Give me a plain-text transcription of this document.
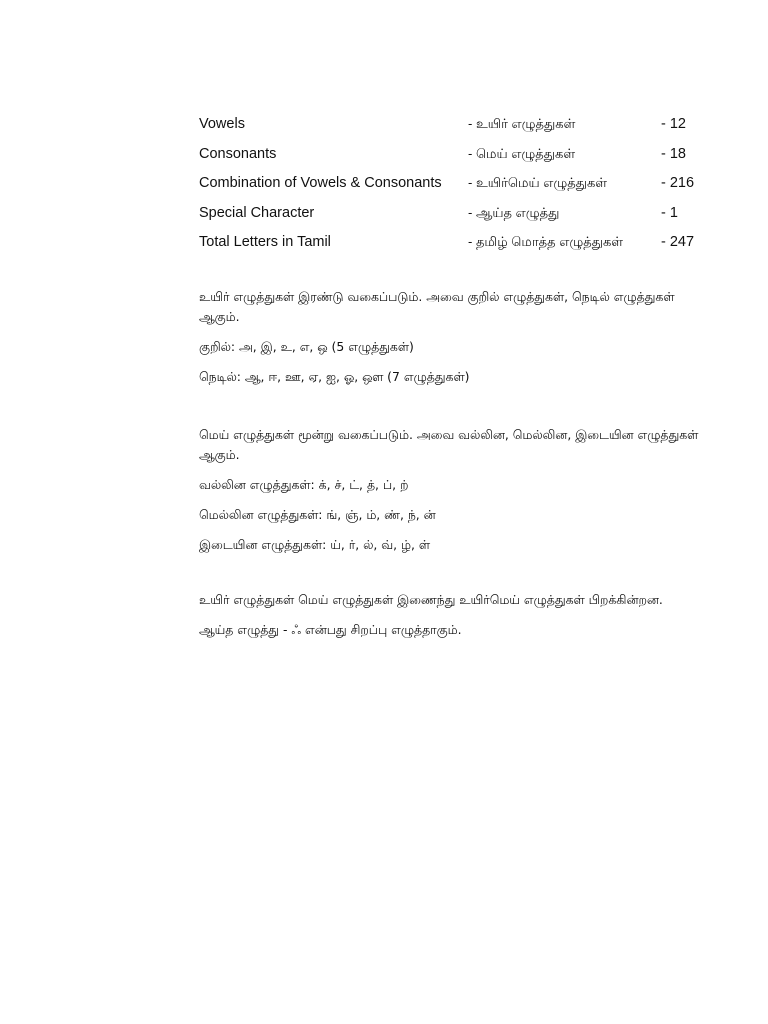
Vowels	- உயிர் எழுத்துகள்	- 12
Consonants	- மெய் எழுத்துகள்	- 18
Combination of Vowels & Consonants - உயிர்மெய் எழுத்துகள்	- 216
Special Character	- ஆய்த எழுத்து	- 1
Total Letters in Tamil	- தமிழ் மொத்த எழுத்துகள்	- 247

உயிர் எழுத்துகள் இரண்டு வகைப்படும். அவை குறில் எழுத்துகள், நெடில் எழுத்துகள் ஆகும்.

குறில்: அ, இ, உ, எ, ஒ (5 எழுத்துகள்)
நெடில்: ஆ, ஈ, ஊ, ஏ, ஐ, ஓ, ஔ (7 எழுத்துகள்)

மெய் எழுத்துகள் மூன்று வகைப்படும். அவை வல்லின, மெல்லின, இடையின எழுத்துகள் ஆகும்.

வல்லின எழுத்துகள்: க், ச், ட், த், ப், ற்
மெல்லின எழுத்துகள்: ங், ஞ், ம், ண், ந், ன்
இடையின எழுத்துகள்: ய், ர், ல், வ், ழ், ள்

உயிர் எழுத்துகள் மெய் எழுத்துகள் இணைந்து உயிர்மெய் எழுத்துகள் பிறக்கின்றன.

ஆய்த எழுத்து - ஃ என்பது சிறப்பு எழுத்தாகும்.
